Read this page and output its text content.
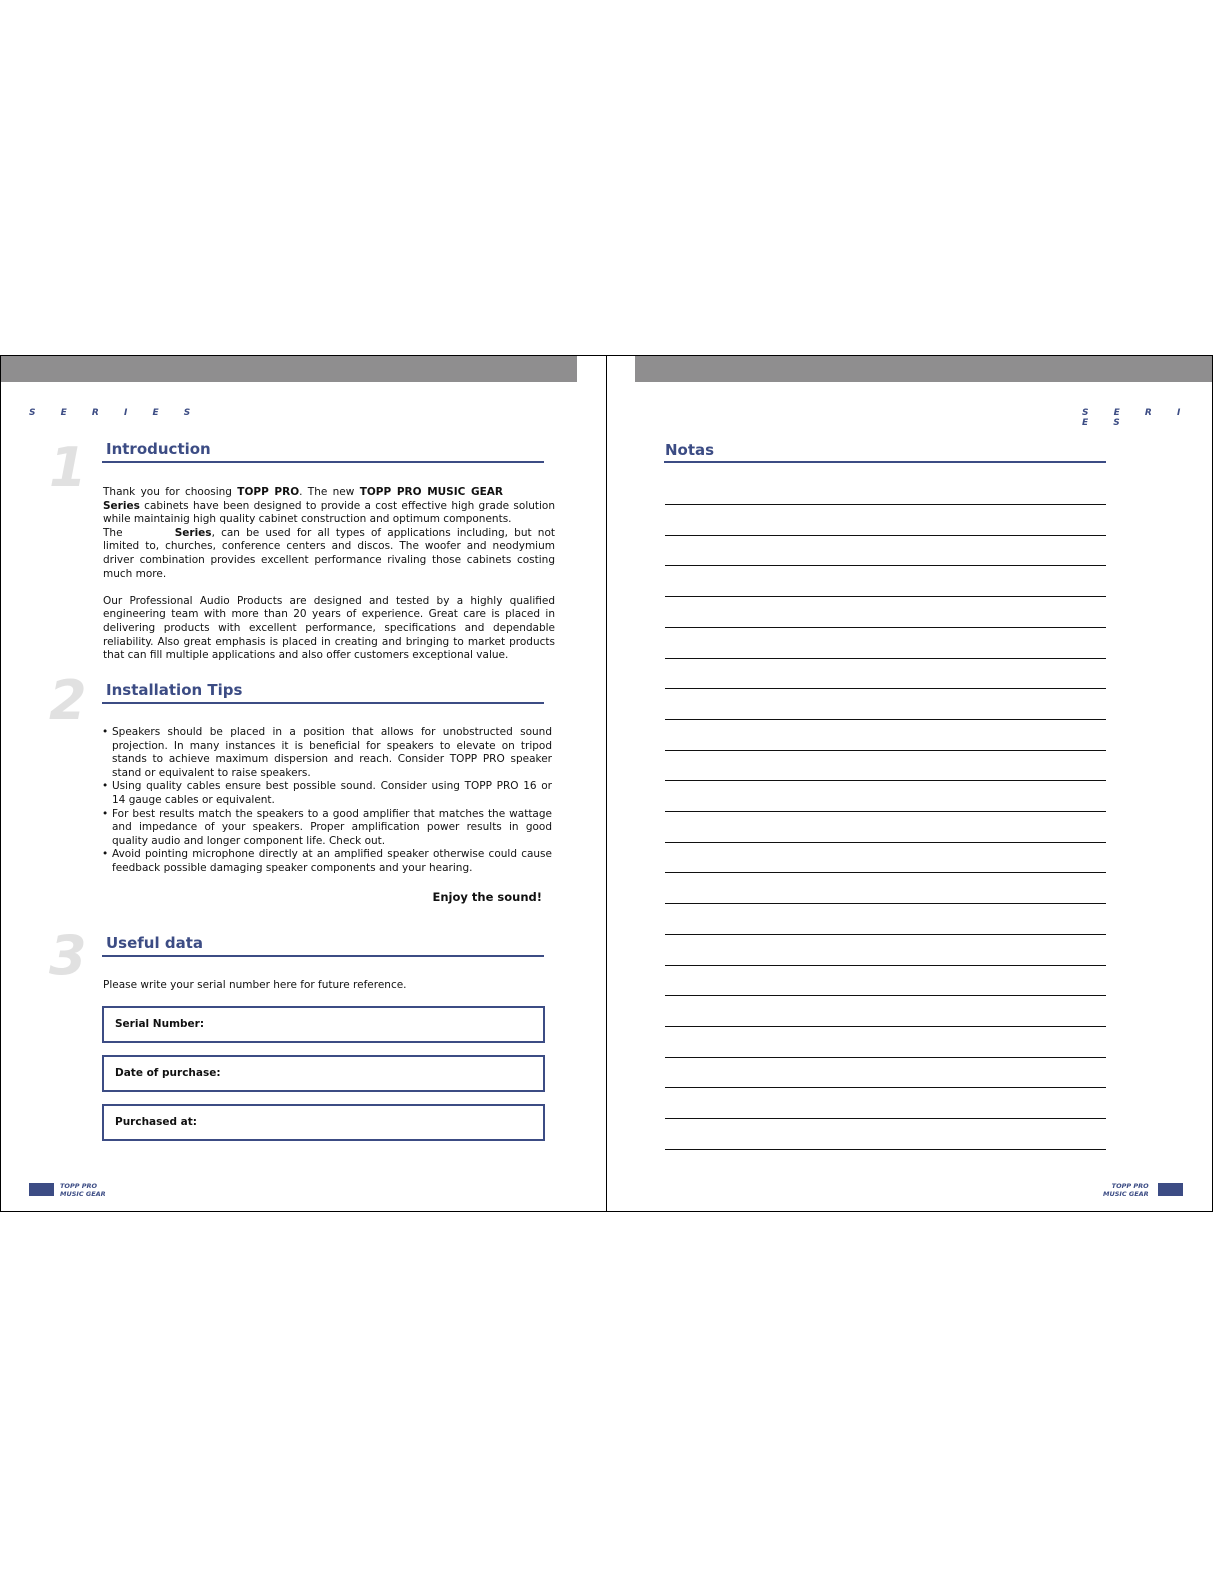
S E R I E S	S E R I E S
1 Introduction

Thank you for choosing TOPP PRO. The new TOPP PRO MUSIC GEARSeries cabinets have been designed to provide a cost effective high grade solution while maintainig high quality cabinet construction and optimum components.

The	Series, can be used for all types of applications including, but not limited to, churches, conference centers and discos. The woofer and neodymium driver combination provides excellent performance rivaling those cabinets costing much more.

Our Professional Audio Products are designed and tested by a highly qualified engineering team with more than 20 years of experience. Great care is placed in delivering products with excellent performance, specifications and dependable reliability. Also great emphasis is placed in creating and bringing to market products that can fill multiple applications and also offer customers exceptional value.

2 Installation Tips
• Speakers should be placed in a position that allows for unobstructed sound projection. In many instances it is beneficial for speakers to elevate on tripod stands to achieve maximum dispersion and reach. Consider TOPP PRO speaker stand or equivalent to raise speakers.
• Using quality cables ensure best possible sound. Consider using TOPP PRO 16 or 14 gauge cables or equivalent.
• For best results match the speakers to a good amplifier that matches the wattage and impedance of your speakers. Proper amplification power results in good quality audio and longer component life. Check out.
• Avoid pointing microphone directly at an amplified speaker otherwise could cause feedback possible damaging speaker components and your hearing.
Enjoy the sound!
3 Useful data
Please write your serial number here for future reference.
Serial Number:
Date of purchase:
Purchased at:
Notas
TOPP PRO
MUSIC GEAR
TOPP PRO
MUSIC GEAR
